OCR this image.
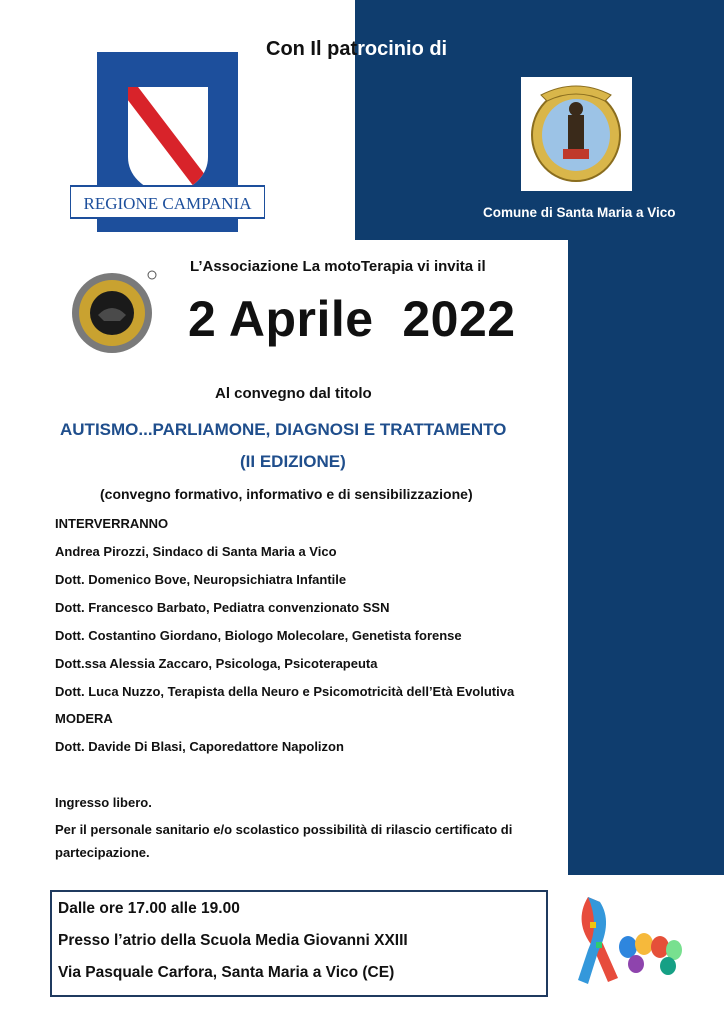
Con Il patrocinio di
REGIONE CAMPANIA	Comune di Santa Maria a Vico
L’Associazione La motoTerapia vi invita il
2 Aprile  2022
Al convegno dal titolo
AUTISMO...PARLIAMONE, DIAGNOSI E TRATTAMENTO
(II EDIZIONE)
(convegno formativo, informativo e di sensibilizzazione)
INTERVERRANNO
Andrea Pirozzi, Sindaco di Santa Maria a Vico
Dott. Domenico Bove, Neuropsichiatra Infantile
Dott. Francesco Barbato, Pediatra convenzionato SSN
Dott. Costantino Giordano, Biologo Molecolare, Genetista forense
Dott.ssa Alessia Zaccaro, Psicologa, Psicoterapeuta
Dott. Luca Nuzzo, Terapista della Neuro e Psicomotricità dell’Età Evolutiva
MODERA
Dott. Davide Di Blasi, Caporedattore Napolizon
Ingresso libero.
Per il personale sanitario e/o scolastico possibilità di rilascio certificato di
partecipazione.
Dalle ore 17.00 alle 19.00
Presso l’atrio della Scuola Media Giovanni XXIII
Via Pasquale Carfora, Santa Maria a Vico (CE)
